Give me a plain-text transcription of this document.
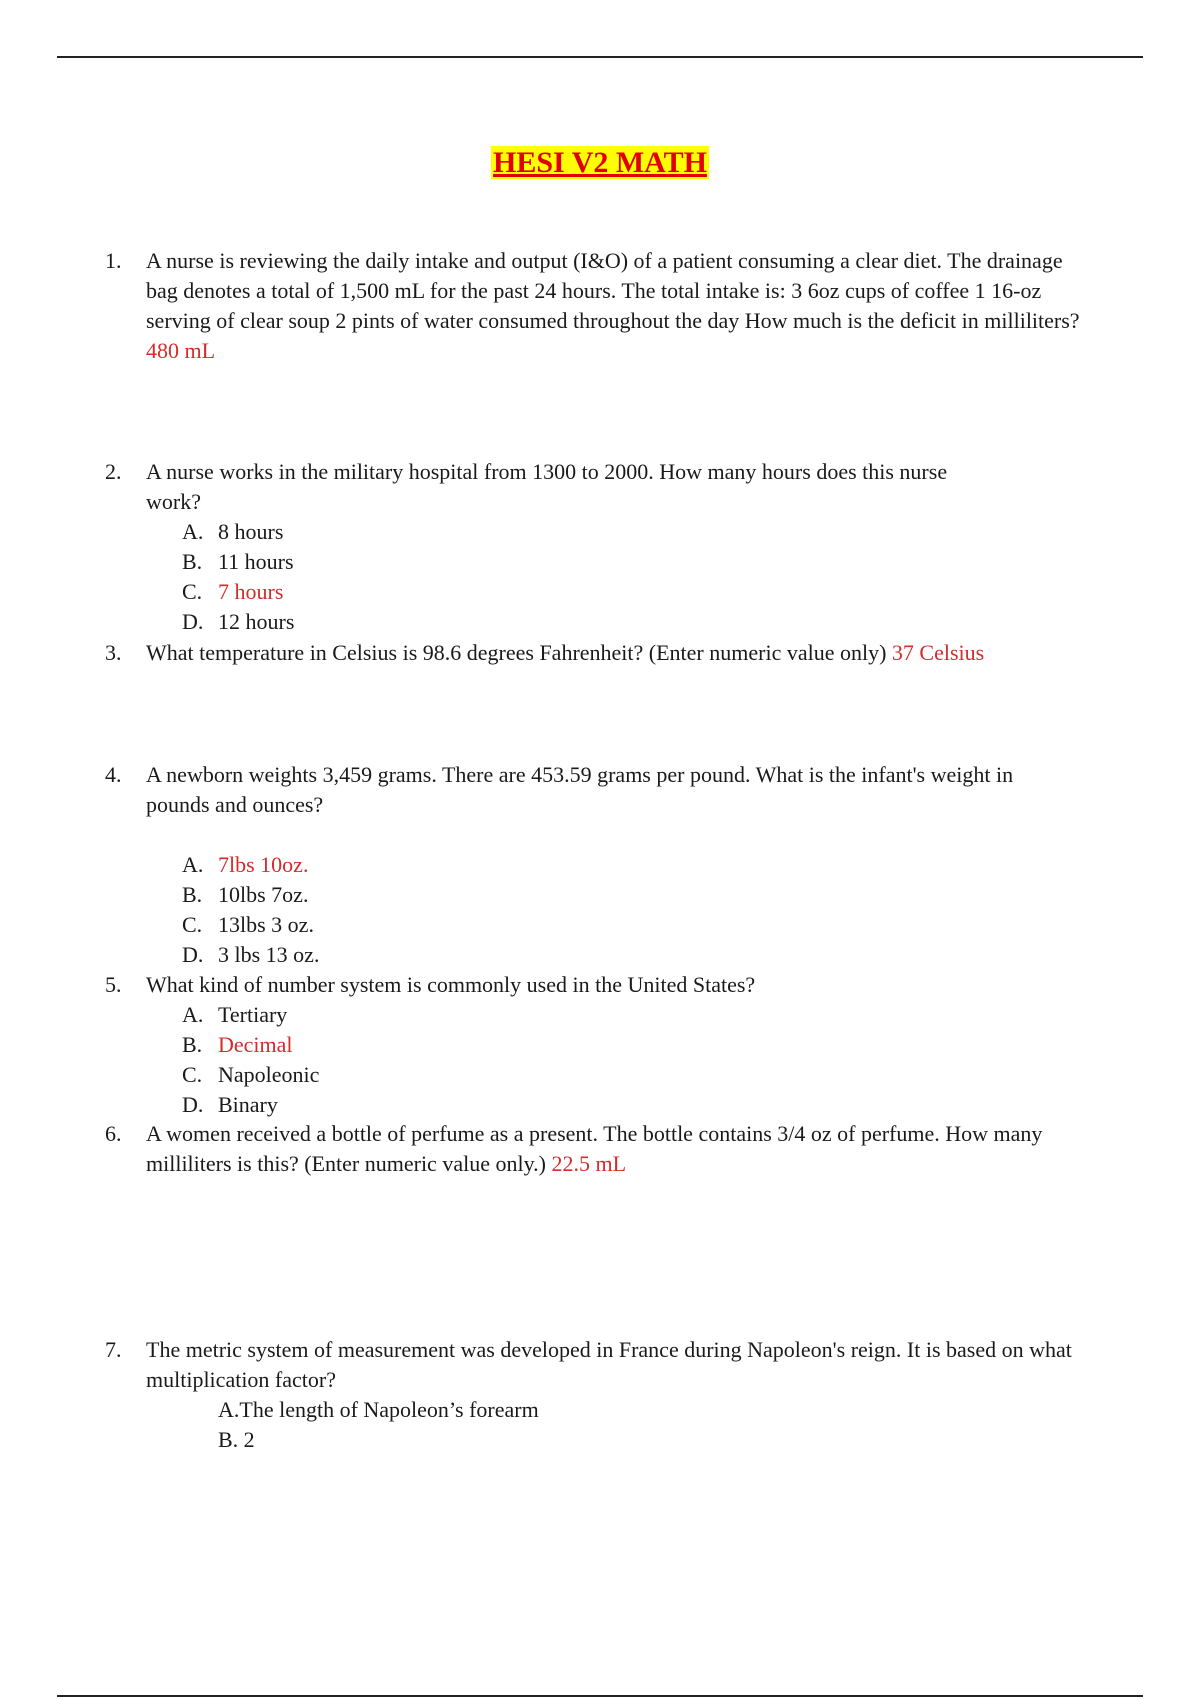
HESI V2 MATH
1.	A nurse is reviewing the daily intake and output (I&O) of a patient consuming a clear diet. The drainage bag denotes a total of 1,500 mL for the past 24 hours. The total intake is: 3 6oz cups of coffee 1 16-oz serving of clear soup 2 pints of water consumed throughout the day How much is the deficit in milliliters? 480 mL
2.	A nurse works in the military hospital from 1300 to 2000. How many hours does this nurse work?
A. 8 hours
B. 11 hours
C. 7 hours
D. 12 hours
3.	What temperature in Celsius is 98.6 degrees Fahrenheit? (Enter numeric value only) 37 Celsius
4.	A newborn weights 3,459 grams. There are 453.59 grams per pound. What is the infant's weight in pounds and ounces?
A. 7lbs 10oz.
B. 10lbs 7oz.
C. 13lbs 3 oz.
D. 3 lbs 13 oz.
5.	What kind of number system is commonly used in the United States?
A. Tertiary
B. Decimal
C. Napoleonic
D. Binary
6.	A women received a bottle of perfume as a present. The bottle contains 3/4 oz of perfume. How many milliliters is this? (Enter numeric value only.) 22.5 mL
7.	The metric system of measurement was developed in France during Napoleon's reign. It is based on what multiplication factor?
A.The length of Napoleon’s forearm
B. 2
